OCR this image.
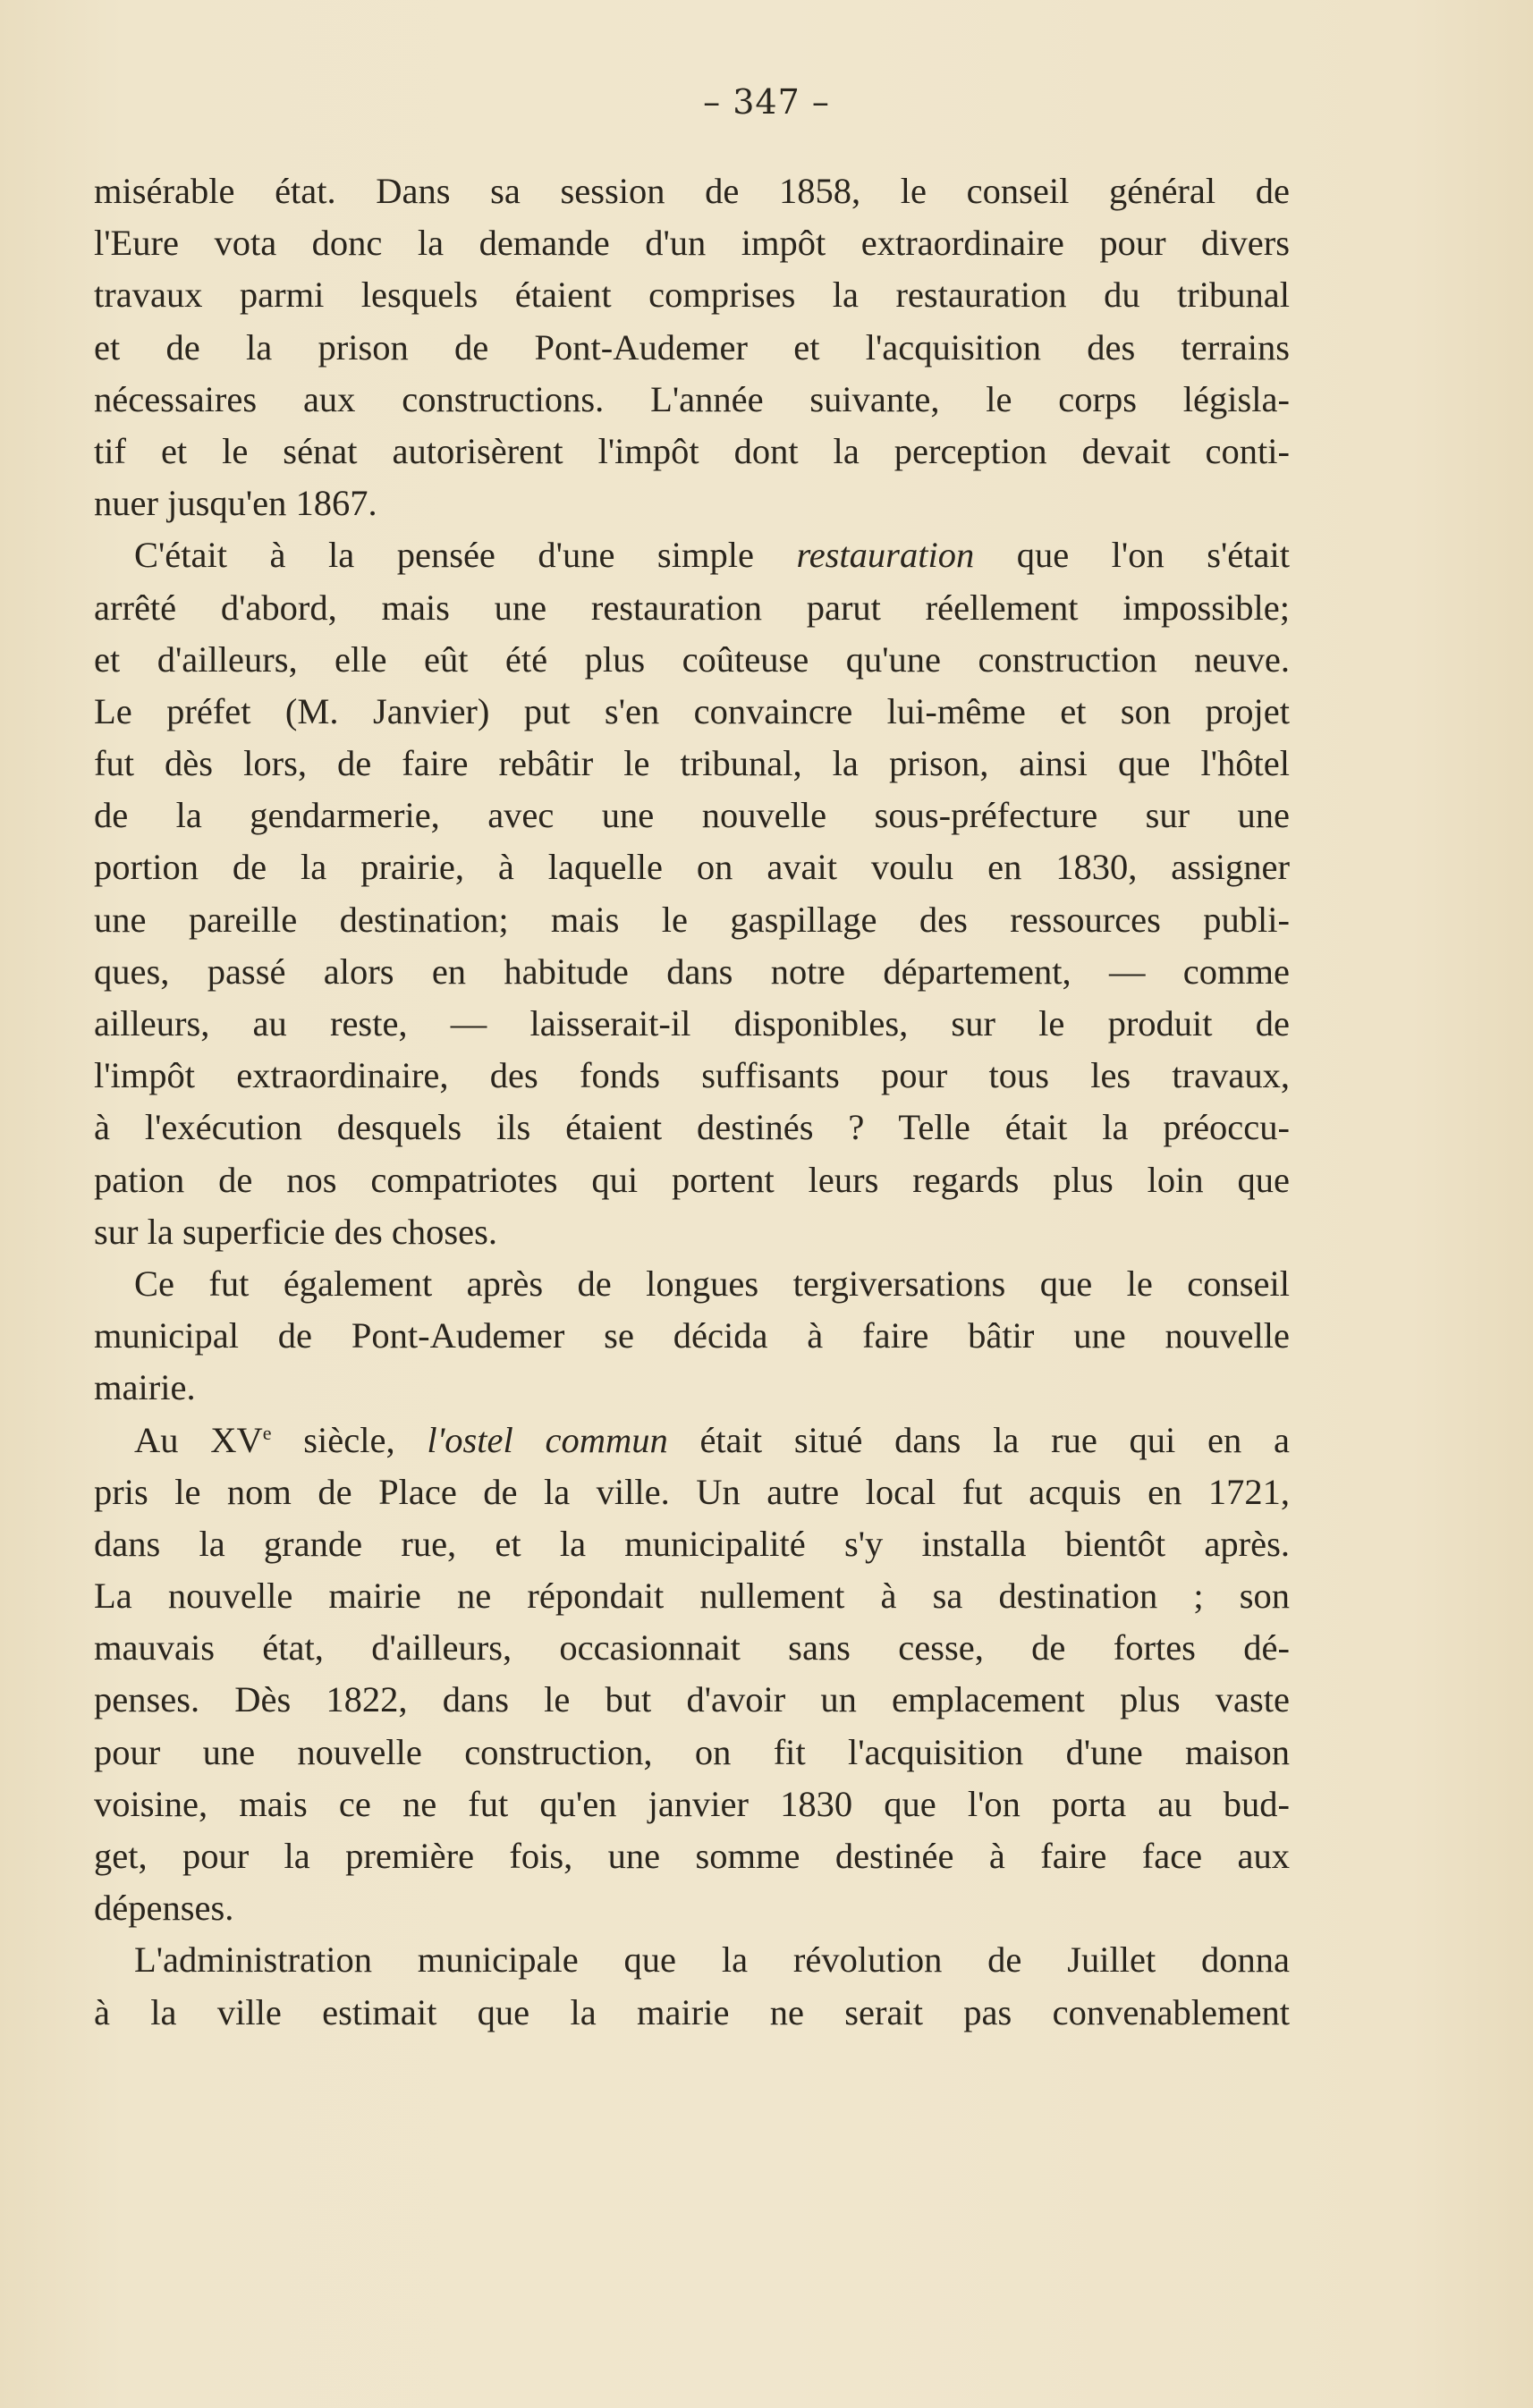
– 347 –
misérable état. Dans sa session de 1858, le conseil général de
l'Eure vota donc la demande d'un impôt extraordinaire pour divers
travaux parmi lesquels étaient comprises la restauration du tribunal
et de la prison de Pont-Audemer et l'acquisition des terrains
nécessaires aux constructions. L'année suivante, le corps législa-
tif et le sénat autorisèrent l'impôt dont la perception devait conti-
nuer jusqu'en 1867.
C'était à la pensée d'une simple restauration que l'on s'était
arrêté d'abord, mais une restauration parut réellement impossible;
et d'ailleurs, elle eût été plus coûteuse qu'une construction neuve.
Le préfet (M. Janvier) put s'en convaincre lui-même et son projet
fut dès lors, de faire rebâtir le tribunal, la prison, ainsi que l'hôtel
de la gendarmerie, avec une nouvelle sous-préfecture sur une
portion de la prairie, à laquelle on avait voulu en 1830, assigner
une pareille destination; mais le gaspillage des ressources publi-
ques, passé alors en habitude dans notre département, — comme
ailleurs, au reste, — laisserait-il disponibles, sur le produit de
l'impôt extraordinaire, des fonds suffisants pour tous les travaux,
à l'exécution desquels ils étaient destinés ? Telle était la préoccu-
pation de nos compatriotes qui portent leurs regards plus loin que
sur la superficie des choses.
Ce fut également après de longues tergiversations que le conseil
municipal de Pont-Audemer se décida à faire bâtir une nouvelle
mairie.
Au XVe siècle, l'ostel commun était situé dans la rue qui en a
pris le nom de Place de la ville. Un autre local fut acquis en 1721,
dans la grande rue, et la municipalité s'y installa bientôt après.
La nouvelle mairie ne répondait nullement à sa destination ; son
mauvais état, d'ailleurs, occasionnait sans cesse, de fortes dé-
penses. Dès 1822, dans le but d'avoir un emplacement plus vaste
pour une nouvelle construction, on fit l'acquisition d'une maison
voisine, mais ce ne fut qu'en janvier 1830 que l'on porta au bud-
get, pour la première fois, une somme destinée à faire face aux
dépenses.
L'administration municipale que la révolution de Juillet donna
à la ville estimait que la mairie ne serait pas convenablement
